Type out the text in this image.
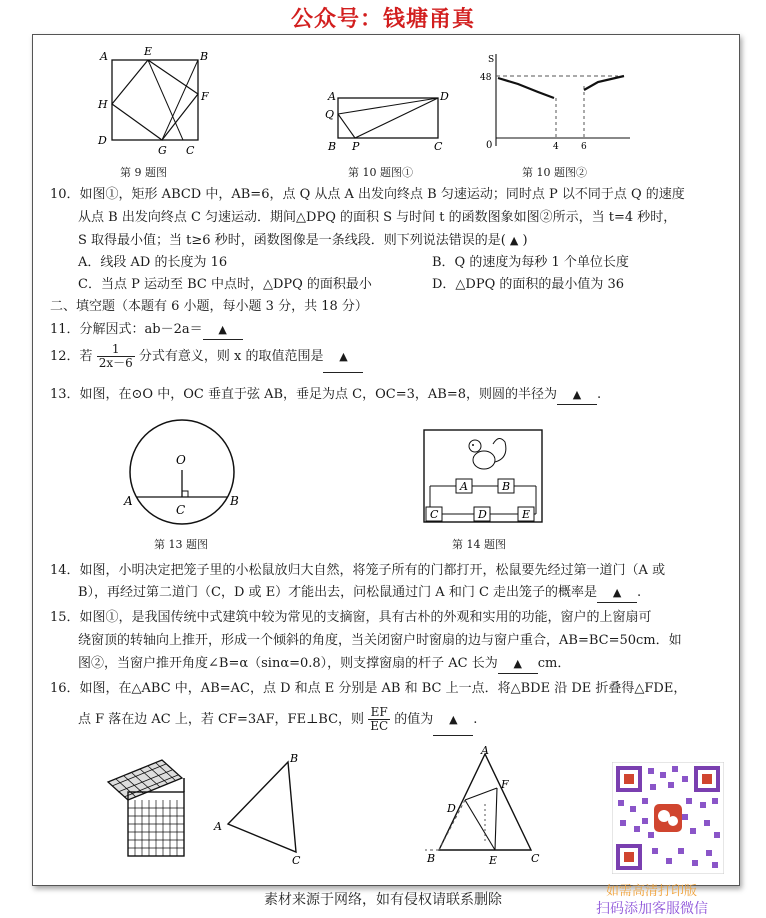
公众号：钱塘甬真
A	E	B
H
F
D
G C
第 9 题图
A	D
Q
B P	C
第 10 题图①
S
48
0	4 6
第 10 题图②
10．如图①，矩形 ABCD 中，AB=6，点 Q 从点 A 出发向终点 B 匀速运动；同时点 P 以不同于点 Q 的速度
从点 B 出发向终点 C 匀速运动．期间△DPQ 的面积 S 与时间 t 的函数图象如图②所示，当 t=4 秒时，
S 取得最小值；当 t≥6 秒时，函数图像是一条线段．则下列说法错误的是( ▲ )
A．线段 AD 的长度为 16	B．Q 的速度为每秒 1 个单位长度
C．当点 P 运动至 BC 中点时，△DPQ 的面积最小	D．△DPQ 的面积的最小值为 36
二、填空题（本题有 6 小题，每小题 3 分，共 18 分）
11．分解因式：ab－2a＝ ▲
12．若 $\frac{1}{2x-6}$ 分式有意义，则 x 的取值范围是 ▲
13．如图，在⊙O 中，OC 垂直于弦 AB，垂足为点 C，OC=3，AB=8，则圆的半径为 ▲ .
O
A	B
C
第 13 题图
A	B
C	D	E
第 14 题图
14．如图，小明决定把笼子里的小松鼠放归大自然，将笼子所有的门都打开，松鼠要先经过第一道门（A 或
B），再经过第二道门（C，D 或 E）才能出去，问松鼠通过门 A 和门 C 走出笼子的概率是 ▲ .
15．如图①，是我国传统中式建筑中较为常见的支摘窗，具有古朴的外观和实用的功能，窗户的上窗扇可
绕窗顶的转轴向上推开，形成一个倾斜的角度，当关闭窗户时窗扇的边与窗户重合，AB=BC=50cm．如
图②，当窗户推开角度∠B=α（sinα=0.8），则支撑窗扇的杆子 AC 长为 ▲ cm．
16．如图，在△ABC 中，AB=AC，点 D 和点 E 分别是 AB 和 BC 上一点．将△BDE 沿 DE 折叠得△FDE，
点 F 落在边 AC 上，若 CF=3AF，FE⊥BC，则 $\frac{EF}{EC}$ 的值为 ▲ .
A
B
C
A
F
D
B	E	C
素材来源于网络，如有侵权请联系删除
如需高清打印版
扫码添加客服微信
